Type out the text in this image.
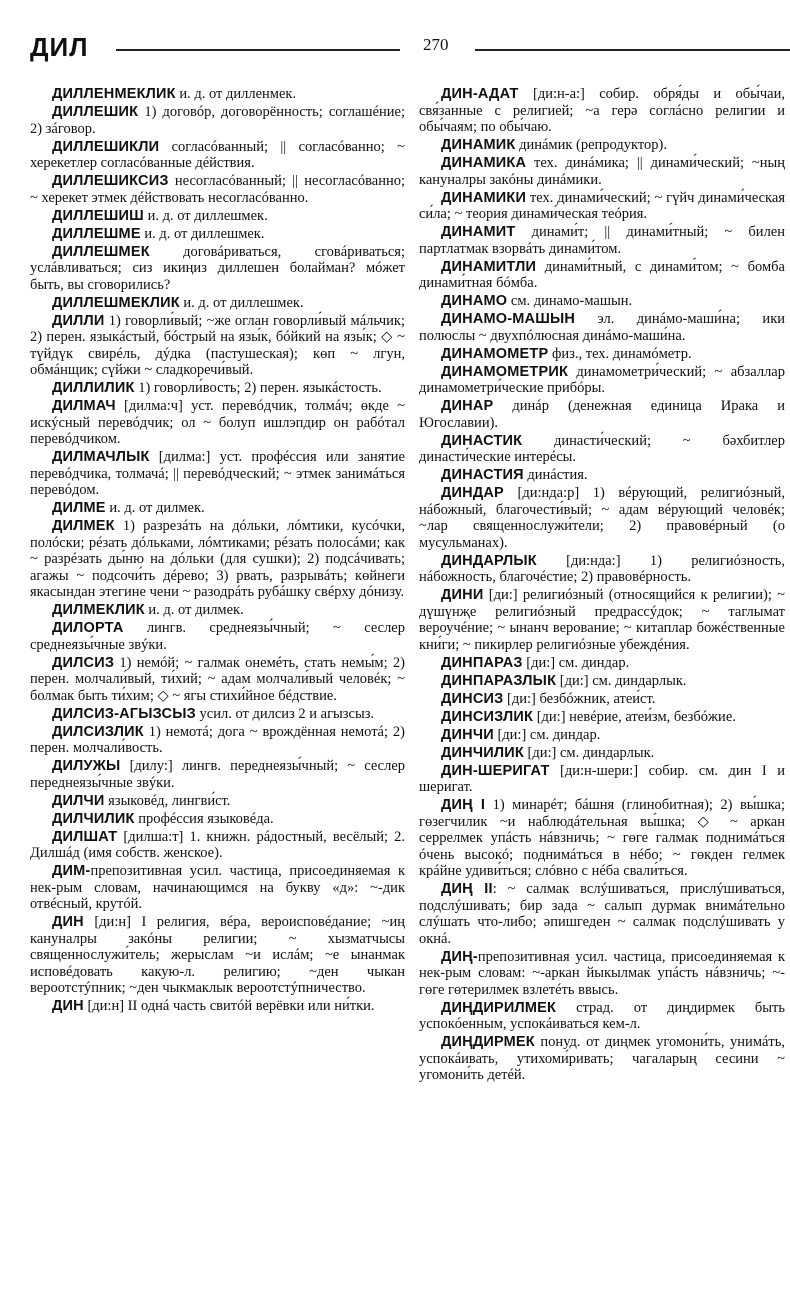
ДИЛ	270

ДИЛЛЕНМЕКЛИК и. д. от дилленмек.

ДИЛЛЕШИК 1) договóр, договорённость; соглашéние; 2) зáговор.

ДИЛЛЕШИКЛИ согласóванный; || согласóванно; ~ херекетлер согласóванные дéйствия.

ДИЛЛЕШИКСИЗ несогласóванный; || несогласóванно; ~ херекет этмек дéйствовать несогласóванно.

ДИЛЛЕШИШ и. д. от диллешмек.

ДИЛЛЕШМЕ и. д. от диллешмек.

ДИЛЛЕШМЕК договáриваться, сговáриваться; услáвливаться; сиз икиңиз диллешен болайман? мóжет быть, вы сговорились?

ДИЛЛЕШМЕКЛИК и. д. от диллешмек.

ДИЛЛИ 1) говорли́вый; ~же оглан говорли́вый мáльчик; 2) перен. языкáстый, бóстрый на язы́к, бóйкий на язы́к; ◇ ~ түйдүк свирéль, дýдка (пастушеская); көп ~ лгун, обмáнщик; сүйжи ~ сладкоречи́вый.

ДИЛЛИЛИК 1) говорли́вость; 2) перен. языкáстость.

ДИЛМАЧ [дилма:ч] уст. перевóдчик, толмáч; өкде ~ искýсный перевóдчик; ол ~ болуп ишлэпдир он рабóтал перевóдчиком.

ДИЛМАЧЛЫК [дилма:] уст. профéссия или занятие перевóдчика, толмачá; || перевóдческий; ~ этмек занимáться перевóдом.

ДИЛМЕ и. д. от дилмек.

ДИЛМЕК 1) разрезáть на дóльки, лóмтики, кусóчки, полóски; рéзать дóльками, лóмтиками; рéзать полосáми; как ~ разрéзать ды́ню на дóльки (для сушки); 2) подсáчивать; агажы ~ подсочи́ть дéрево; 3) рвать, разрывáть; көйнеги якасындан этегине чени ~ разодрáть рубáшку свéрху дóнизу.

ДИЛМЕКЛИК и. д. от дилмек.

ДИЛОРТА лингв. среднеязы́чный; ~ сеслер среднеязы́чные звýки.

ДИЛСИЗ 1) немóй; ~ галмак онемéть, стать немы́м; 2) перен. молчали́вый, ти́хий; ~ адам молчали́вый человéк; ~ болмак быть ти́хим; ◇ ~ ягы стихи́йное бéдствие.

ДИЛСИЗ-АГЫЗСЫЗ усил. от дилсиз 2 и агызсыз.

ДИЛСИЗЛИК 1) немотá; дога ~ врождённая немотá; 2) перен. молчали́вость.

ДИЛУЖЫ [дилу:] лингв. переднеязы́чный; ~ сеслер переднеязы́чные звýки.

ДИЛЧИ языковéд, лингви́ст.

ДИЛЧИЛИК профéссия языковéда.

ДИЛШАТ [дилша:т] 1. книжн. рáдостный, весёлый; 2. Дилшáд (имя собств. женское).

ДИМ-препозитивная усил. частица, присоединяемая к нек-рым словам, начинающимся на букву «д»: ~-дик отвéсный, крутóй.

ДИН [ди:н] I религия, вéра, вероисповéдание; ~иң кануналры закóны религии; ~ хызматчысы священнослужи́тель; жерыслам ~и ислáм; ~е ынанмак исповéдовать какую-л. религию; ~ден чыкан вероотстýпник; ~ден чыкмаклык вероотстýпничество.

ДИН [ди:н] II однá часть свитóй верёвки или ни́тки.

ДИН-АДАТ [ди:н-а:] собир. обря́ды и обы́чаи, свя́занные с религией; ~а герә соглáсно религии и обы́чаям; по обы́чаю.

ДИНАМИК динáмик (репродуктор).

ДИНАМИКА тех. динáмика; || динами́ческий; ~ның кануналры закóны динáмики.

ДИНАМИКИ тех. динами́ческий; ~ гүйч динами́ческая си́ла; ~ теория динами́ческая теóрия.

ДИНАМИТ динами́т; || динами́тный; ~ билен партлатмак взорвáть динами́том.

ДИНАМИТЛИ динами́тный, с динами́том; ~ бомба динами́тная бóмба.

ДИНАМО см. динамо-машын.

ДИНАМО-МАШЫН эл. динáмо-маши́на; ики полюслы ~ двухпóлюсная динáмо-маши́на.

ДИНАМОМЕТР физ., тех. динамóметр.

ДИНАМОМЕТРИК динамометри́ческий; ~ абзаллар динамометри́ческие прибóры.

ДИНАР динáр (денежная единица Ирака и Югославии).

ДИНАСТИК династи́ческий; ~ бәхбитлер династи́ческие интерéсы.

ДИНАСТИЯ динáстия.

ДИНДАР [ди:нда:р] 1) вéрующий, религиóзный, нáбожный, благочести́вый; ~ адам вéрующий человéк; ~лар священнослужи́тели; 2) правовéрный (о мусульманах).

ДИНДАРЛЫК [ди:нда:] 1) религиóзность, нáбожность, благочéстие; 2) правовéрность.

ДИНИ [ди:] религиóзный (относящийся к религии); ~ дүшүнҗе религиóзный предрассýдок; ~ таглымат вероучéние; ~ ынанч верование; ~ китаплар божéственные кни́ги; ~ пикирлер религиóзные убеждéния.

ДИНПАРАЗ [ди:] см. диндар.

ДИНПАРАЗЛЫК [ди:] см. диндарлык.

ДИНСИЗ [ди:] безбóжник, атеи́ст.

ДИНСИЗЛИК [ди:] невéрие, атеи́зм, безбóжие.

ДИНЧИ [ди:] см. диндар.

ДИНЧИЛИК [ди:] см. диндарлык.

ДИН-ШЕРИГАТ [ди:н-шери:] собир. см. дин I и шеригат.

ДИҢ I 1) минарéт; бáшня (глинобитная); 2) вы́шка; гөзегчилик ~и наблюдáтельная вы́шка; ◇ ~ аркан серрелмек упáсть нáвзничь; ~ гөге галмак поднимáться óчень высокó; поднимáться в нéбо; ~ гөкден гелмек крáйне удиви́ться; слóвно с нéба свали́ться.

ДИҢ II: ~ салмак вслýшиваться, прислýшиваться, подслýшивать; бир зада ~ салып дурмак внимáтельно слýшать что-либо; әпишгеден ~ салмак подслýшивать у окнá.

ДИҢ-препозитивная усил. частица, присоединяемая к нек-рым словам: ~-аркан йыкылмак упáсть нáвзничь; ~-гөге гөтерилмек взлетéть ввысь.

ДИҢДИРИЛМЕК страд. от диңдирмек быть успокóенным, успокáиваться кем-л.

ДИҢДИРМЕК понуд. от диңмек угомони́ть, унимáть, успокáивать, утихоми́ривать; чагаларың сесини ~ угомони́ть детéй.
